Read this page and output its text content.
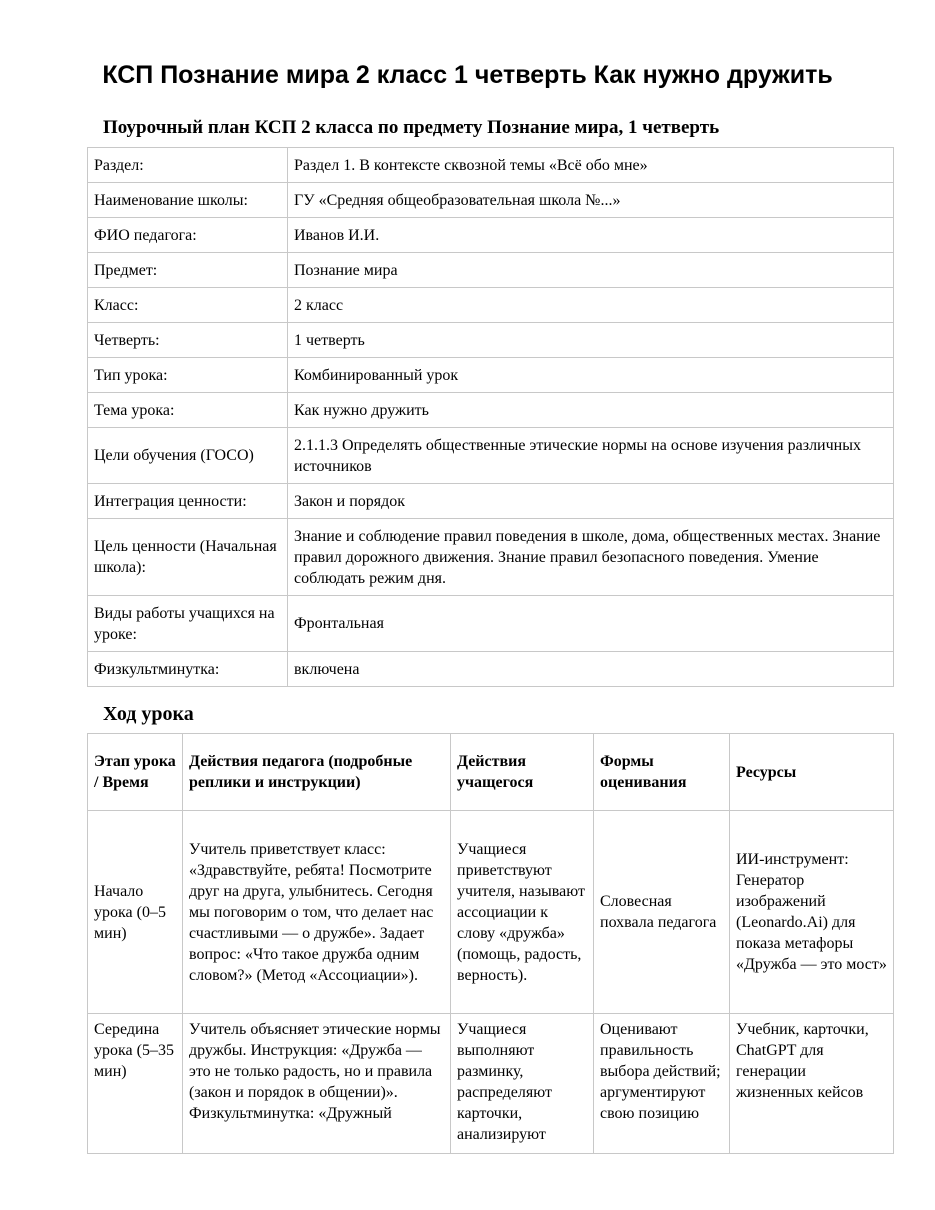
КСП Познание мира 2 класс 1 четверть Как нужно дружить
Поурочный план КСП 2 класса по предмету Познание мира, 1 четверть
Раздел:	Раздел 1. В контексте сквозной темы «Всё обо мне»
Наименование школы:	ГУ «Средняя общеобразовательная школа №...»
ФИО педагога:	Иванов И.И.
Предмет:	Познание мира
Класс:	2 класс
Четверть:	1 четверть
Тип урока:	Комбинированный урок
Тема урока:	Как нужно дружить
Цели обучения (ГОСО)	2.1.1.3 Определять общественные этические нормы на основе изучения различных источников
Интеграция ценности:	Закон и порядок
Цель ценности (Начальная школа):	Знание и соблюдение правил поведения в школе, дома, общественных местах. Знание правил дорожного движения. Знание правил безопасного поведения. Умение соблюдать режим дня.
Виды работы учащихся на уроке:	Фронтальная
Физкультминутка:	включена
Ход урока
Этап урока / Время	Действия педагога (подробные реплики и инструкции)	Действия учащегося	Формы оценивания	Ресурсы
Начало урока (0–5 мин)	Учитель приветствует класс: «Здравствуйте, ребята! Посмотрите друг на друга, улыбнитесь. Сегодня мы поговорим о том, что делает нас счастливыми — о дружбе». Задает вопрос: «Что такое дружба одним словом?» (Метод «Ассоциации»).	Учащиеся приветствуют учителя, называют ассоциации к слову «дружба» (помощь, радость, верность).	Словесная похвала педагога	ИИ-инструмент: Генератор изображений (Leonardo.Ai) для показа метафоры «Дружба — это мост»
Середина урока (5–35 мин)	Учитель объясняет этические нормы дружбы. Инструкция: «Дружба — это не только радость, но и правила (закон и порядок в общении)». Физкультминутка: «Дружный	Учащиеся выполняют разминку, распределяют карточки, анализируют	Оценивают правильность выбора действий; аргументируют свою позицию	Учебник, карточки, ChatGPT для генерации жизненных кейсов
